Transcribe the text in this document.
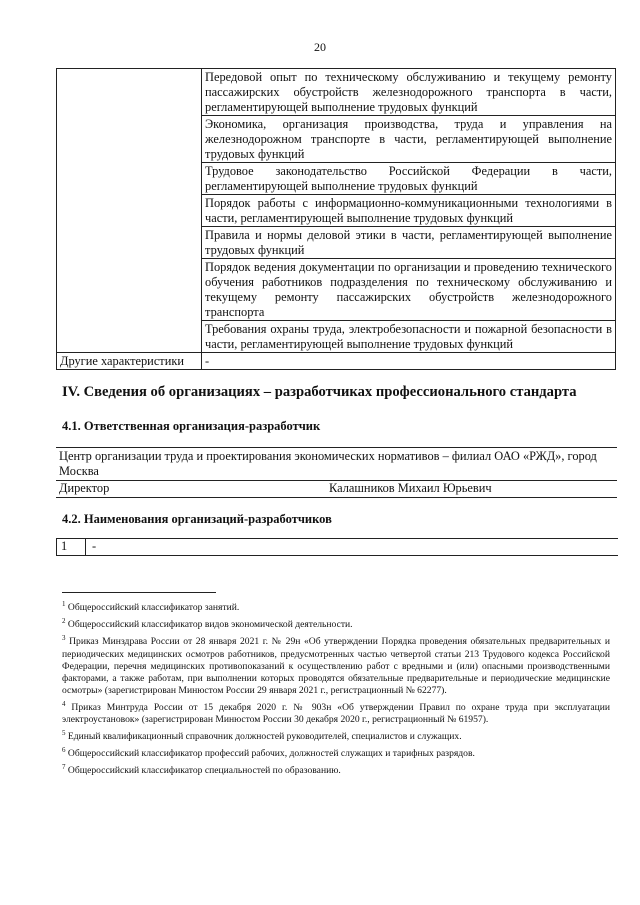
20
	Передовой опыт по техническому обслуживанию и текущему ремонту пассажирских обустройств железнодорожного транспорта в части, регламентирующей выполнение трудовых функций
	Экономика, организация производства, труда и управления на железнодорожном транспорте в части, регламентирующей выполнение трудовых функций
	Трудовое законодательство Российской Федерации в части, регламентирующей выполнение трудовых функций
	Порядок работы с информационно-коммуникационными технологиями в части, регламентирующей выполнение трудовых функций
	Правила и нормы деловой этики в части, регламентирующей выполнение трудовых функций
	Порядок ведения документации по организации и проведению технического обучения работников подразделения по техническому обслуживанию и текущему ремонту пассажирских обустройств железнодорожного транспорта
	Требования охраны труда, электробезопасности и пожарной безопасности в части, регламентирующей выполнение трудовых функций
Другие характеристики	-
IV. Сведения об организациях – разработчиках профессионального стандарта
4.1. Ответственная организация-разработчик
Центр организации труда и проектирования экономических нормативов – филиал ОАО «РЖД», город Москва
Директор	Калашников Михаил Юрьевич
4.2. Наименования организаций-разработчиков
1	-

$^1$ Общероссийский классификатор занятий.

$^2$ Общероссийский классификатор видов экономической деятельности.

$^3$ Приказ Минздрава России от 28 января 2021 г. № 29н «Об утверждении Порядка проведения обязательных предварительных и периодических медицинских осмотров работников, предусмотренных частью четвертой статьи 213 Трудового кодекса Российской Федерации, перечня медицинских противопоказаний к осуществлению работ с вредными и (или) опасными производственными факторами, а также работам, при выполнении которых проводятся обязательные предварительные и периодические медицинские осмотры» (зарегистрирован Минюстом России 29 января 2021 г., регистрационный № 62277).

$^4$ Приказ Минтруда России от 15 декабря 2020 г. № 903н «Об утверждении Правил по охране труда при эксплуатации электроустановок» (зарегистрирован Минюстом России 30 декабря 2020 г., регистрационный № 61957).

$^5$ Единый квалификационный справочник должностей руководителей, специалистов и служащих.

$^6$ Общероссийский классификатор профессий рабочих, должностей служащих и тарифных разрядов.

$^7$ Общероссийский классификатор специальностей по образованию.
